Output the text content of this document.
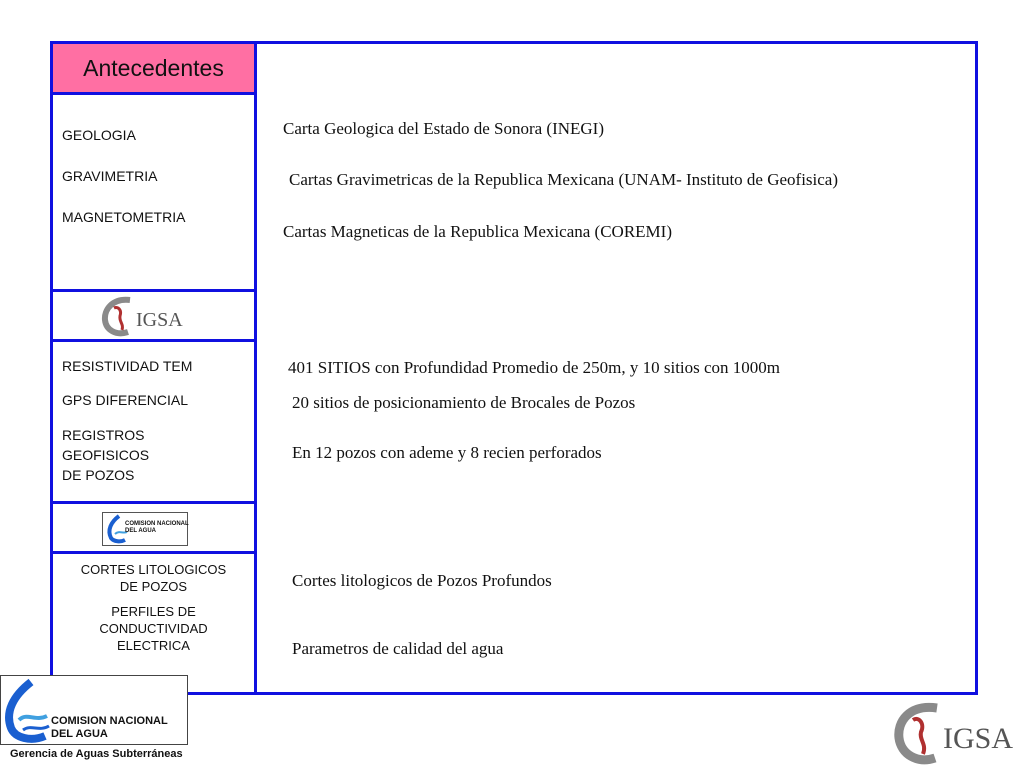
Antecedentes
GEOLOGIA
GRAVIMETRIA
MAGNETOMETRIA
IGSA
RESISTIVIDAD TEM
GPS DIFERENCIAL
REGISTROS
GEOFISICOS
DE POZOS
COMISION NACIONAL
DEL AGUA
CORTES LITOLOGICOS
DE POZOS
PERFILES DE
CONDUCTIVIDAD
ELECTRICA
Carta Geologica del Estado de Sonora (INEGI)
Cartas Gravimetricas de la Republica Mexicana (UNAM- Instituto de Geofisica)
Cartas Magneticas de la Republica Mexicana (COREMI)
401 SITIOS con Profundidad Promedio de 250m, y 10 sitios con 1000m
20 sitios de posicionamiento de Brocales de Pozos
En 12 pozos con ademe y 8 recien perforados
Cortes litologicos de Pozos Profundos
Parametros de calidad del agua
COMISION NACIONAL
DEL AGUA
Gerencia de Aguas Subterráneas	IGSA
